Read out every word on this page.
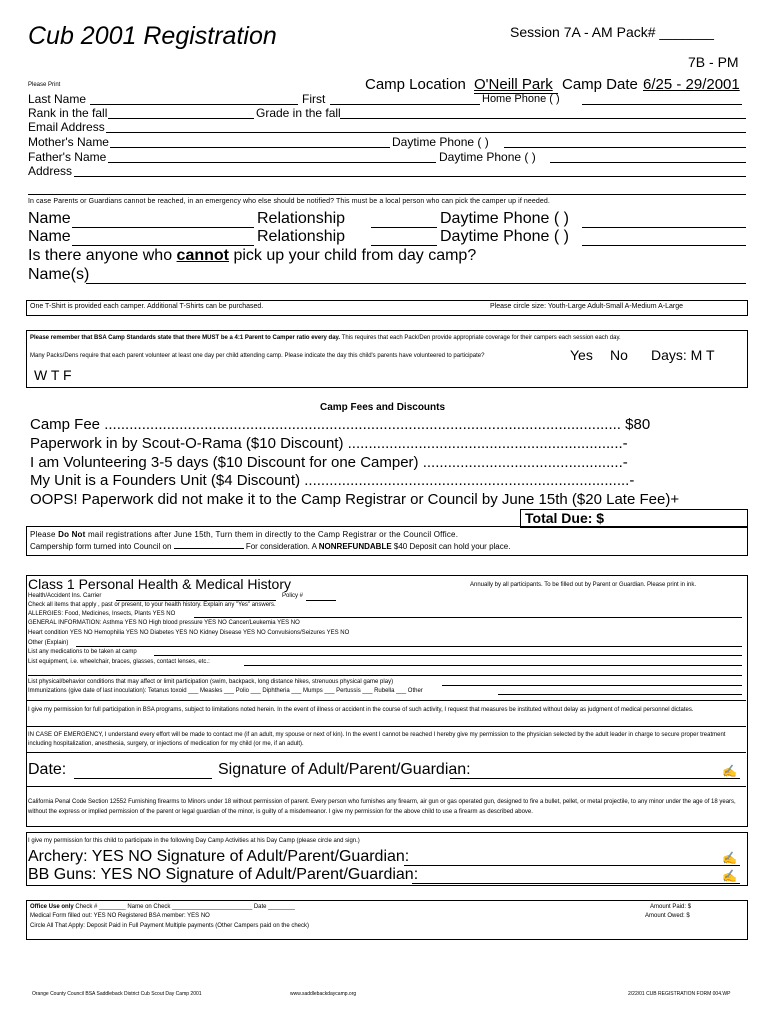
Cub 2001 Registration	Session 7A - AM Pack# _______
7B - PM
Please Print	Camp Location O'Neill Park Camp Date 6/25 - 29/2001
Last Name	First	Home Phone ( )
Rank in the fall	Grade in the fall
Email Address
Mother's Name	Daytime Phone ( )
Father's Name	Daytime Phone ( )
Address
In case Parents or Guardians cannot be reached, in an emergency who else should be notified? This must be a local person who can pick the camper up if needed.
Name	Relationship	Daytime Phone ( )
Name	Relationship	Daytime Phone ( )
Is there anyone who cannot pick up your child from day camp?
Name(s)
One T-Shirt is provided each camper. Additional T-Shirts can be purchased.	Please circle size: Youth-Large Adult-Small A-Medium A-Large
Please remember that BSA Camp Standards state that there MUST be a 4:1 Parent to Camper ratio every day. This requires that each Pack/Den provide appropriate coverage for their campers each session each day.
Many Packs/Dens require that each parent volunteer at least one day per child attending camp. Please indicate the day this child's parents have volunteered to participate?	Yes No Days: M T
W T F
Camp Fees and Discounts
Camp Fee ............................................................................................................................ $80
Paperwork in by Scout-O-Rama ($10 Discount) ..................................................................-
I am Volunteering 3-5 days ($10 Discount for one Camper) ................................................-
My Unit is a Founders Unit ($4 Discount) ..............................................................................-
OOPS! Paperwork did not make it to the Camp Registrar or Council by June 15th ($20 Late Fee)+
Total Due: $
Please Do Not mail registrations after June 15th, Turn them in directly to the Camp Registrar or the Council Office.
Campership form turned into Council on	For consideration. A NONREFUNDABLE $40 Deposit can hold your place.
Class 1 Personal Health & Medical History	Annually by all participants. To be filled out by Parent or Guardian. Please print in ink.
Health/Accident Ins. Carrier	Policy #
Check all items that apply , past or present, to your health history. Explain any "Yes" answers.
ALLERGIES: Food, Medicines, Insects, Plants YES NO
GENERAL INFORMATION: Asthma YES NO High blood pressure YES NO Cancer/Leukemia YES NO
Heart condition YES NO Hemophilia YES NO Diabetes YES NO Kidney Disease YES NO Convulsions/Seizures YES NO
Other (Explain)
List any medications to be taken at camp
List equipment, i.e. wheelchair, braces, glasses, contact lenses, etc.:
List physical/behavior conditions that may affect or limit participation (swim, backpack, long distance hikes, strenuous physical game play)
Immunizations (give date of last inoculation): Tetanus toxoid ___ Measles ___ Polio ___ Diphtheria ___ Mumps ___ Pertussis ___ Rubella ___ Other
I give my permission for full participation in BSA programs, subject to limitations noted herein. In the event of illness or accident in the course of such activity, I request that measures be instituted without delay as judgment of medical personnel dictates.
IN CASE OF EMERGENCY, I understand every effort will be made to contact me (if an adult, my spouse or next of kin). In the event I cannot be reached I hereby give my permission to the physician selected by the adult leader in charge to secure proper treatment including hospitalization, anesthesia, surgery, or injections of medication for my child (or me, if an adult).
Date:	Signature of Adult/Parent/Guardian:	✍
California Penal Code Section 12552 Furnishing firearms to Minors under 18 without permission of parent. Every person who furnishes any firearm, air gun or gas operated gun, designed to fire a bullet, pellet, or metal projectile, to any minor under the age of 18 years, without the express or implied permission of the parent or legal guardian of the minor, is guilty of a misdemeanor. I give my permission for the above child to use a firearm as described above.
I give my permission for this child to participate in the following Day Camp Activities at his Day Camp (please circle and sign.)
Archery: YES NO Signature of Adult/Parent/Guardian:	✍
BB Guns: YES NO Signature of Adult/Parent/Guardian:	✍
Office Use only Check # ________ Name on Check ________________________ Date ________	Amount Paid: $
Medical Form filled out: YES NO Registered BSA member: YES NO	Amount Owed: $
Circle All That Apply: Deposit Paid in Full Payment Multiple payments (Other Campers paid on the check)
Orange County Council BSA Saddleback District Cub Scout Day Camp 2001	www.saddlebackdaycamp.org	2/22/01 CUB REGISTRATION FORM 004.WP
